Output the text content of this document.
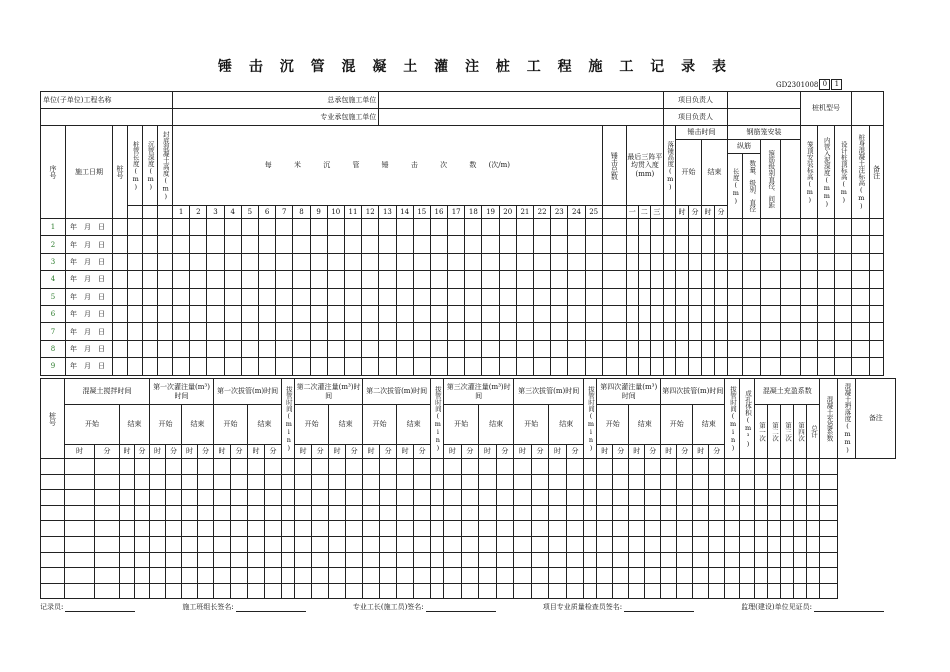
锤 击 沉 管 混 凝 土 灌 注 桩 工 程 施 工 记 录 表
GD2301008 0	1
单位(子单位)工程名称						总承包施工单位																													项目负责人									桩机型号				
						专业承包施工单位																													项目负责人													
序号	施工日期	桩号	桩管长度(m)	沉管深度(m)	封底混凝土高度(m)	每 米 沉 管 锤 击 次 数 (次/m)																									锤击总数	最后三阵平均贯入度(mm)			落锤高度(m)	锤击时间				钢筋笼安装				笼顶安装标高(m)	内管入泥深度(mm)	设计桩顶标高(m)	桩身混凝土注标高(m)	备注
																																				开始		结束		纵筋		箍筋级别直径、间距						
																																								长度(m)	数量、级别、直径							
						1	2	3	4	5	6	7	8	9	10	11	12	13	14	15	16	17	18	19	20	21	22	23	24	25		一	二	三		时	分	时	分									
1	年　月　日																																															
2	年　月　日																																															
3	年　月　日																																															
4	年　月　日																																															
5	年　月　日																																															
6	年　月　日																																															
7	年　月　日																																															
8	年　月　日																																															
9	年　月　日																																															
桩号	混凝土搅拌时间				第一次灌注量(m³)时间				第一次拔管(m)时间				拔管时间(min)	第二次灌注量(m³)时间				第二次拔管(m)时间				拔管时间(min)	第三次灌注量(m³)时间				第三次拔管(m)时间				拔管时间(min)	第四次灌注量(m³)时间				第四次拔管(m)时间				拔管时间(min)	成孔体积(m³)	混凝土充盈系数					混凝土充盈系数	混凝土坍落度(mm)	备注
	开始		结束		开始		结束		开始		结束			开始		结束		开始		结束			开始		结束		开始		结束			开始		结束		开始		结束				第一次	第二次	第三次	第四次	总计			
	时	分	时	分	时	分	时	分	时	分	时	分		时	分	时	分	时	分	时	分		时	分	时	分	时	分	时	分		时	分	时	分	时	分	时	分										

记录员:	施工班组长签名:	专业工长(施工员)签名:	项目专业质量检查员签名:	监理(建设)单位见证员:
